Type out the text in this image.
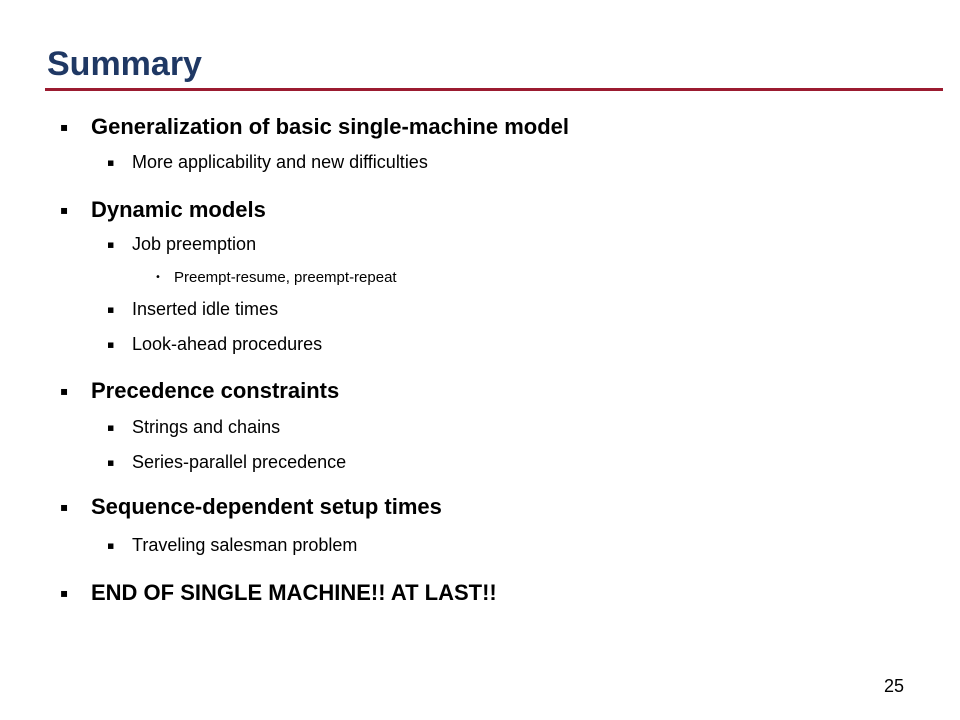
Summary
▪ Generalization of basic single-machine model
▪ More applicability and new difficulties
▪ Dynamic models
▪ Job preemption
• Preempt-resume, preempt-repeat
▪ Inserted idle times
▪ Look-ahead procedures
▪ Precedence constraints
▪ Strings and chains
▪ Series-parallel precedence
▪ Sequence-dependent setup times
▪ Traveling salesman problem
▪ END OF SINGLE MACHINE!! AT LAST!!
25
